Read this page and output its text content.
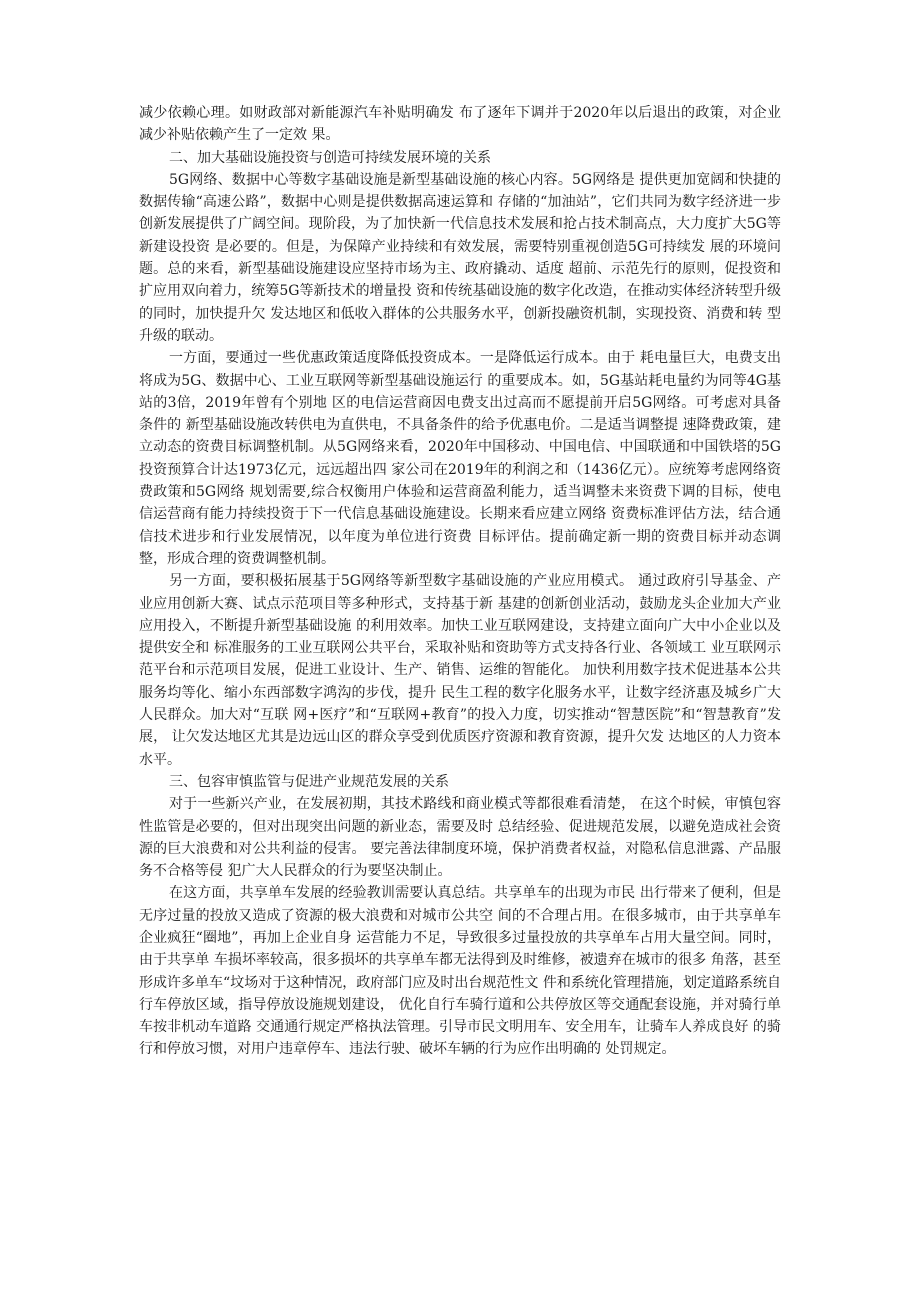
减少依赖心理。如财政部对新能源汽车补贴明确发 布了逐年下调并于2020年以后退出的政策，对企业减少补贴依赖产生了一定效 果。

二、加大基础设施投资与创造可持续发展环境的关系

5G网络、数据中心等数字基础设施是新型基础设施的核心内容。5G网络是 提供更加宽阔和快捷的数据传输“高速公路”，数据中心则是提供数据高速运算和 存储的“加油站”，它们共同为数字经济进一步创新发展提供了广阔空间。现阶段，为了加快新一代信息技术发展和抢占技术制高点，大力度扩大5G等新建设投资 是必要的。但是，为保障产业持续和有效发展，需要特别重视创造5G可持续发 展的环境问题。总的来看，新型基础设施建设应坚持市场为主、政府撬动、适度 超前、示范先行的原则，促投资和扩应用双向着力，统筹5G等新技术的增量投 资和传统基础设施的数字化改造，在推动实体经济转型升级的同时，加快提升欠 发达地区和低收入群体的公共服务水平，创新投融资机制，实现投资、消费和转 型升级的联动。

一方面，要通过一些优惠政策适度降低投资成本。一是降低运行成本。由于 耗电量巨大，电费支出将成为5G、数据中心、工业互联网等新型基础设施运行 的重要成本。如，5G基站耗电量约为同等4G基站的3倍，2019年曾有个别地 区的电信运营商因电费支出过高而不愿提前开启5G网络。可考虑对具备条件的 新型基础设施改转供电为直供电，不具备条件的给予优惠电价。二是适当调整提 速降费政策，建立动态的资费目标调整机制。从5G网络来看，2020年中国移动、中国电信、中国联通和中国铁塔的5G投资预算合计达1973亿元，远远超出四 家公司在2019年的利润之和（1436亿元）。应统筹考虑网络资费政策和5G网络 规划需要,综合权衡用户体验和运营商盈利能力，适当调整未来资费下调的目标，使电信运营商有能力持续投资于下一代信息基础设施建设。长期来看应建立网络 资费标准评估方法，结合通信技术进步和行业发展情况，以年度为单位进行资费 目标评估。提前确定新一期的资费目标并动态调整，形成合理的资费调整机制。

另一方面，要积极拓展基于5G网络等新型数字基础设施的产业应用模式。 通过政府引导基金、产业应用创新大赛、试点示范项目等多种形式，支持基于新 基建的创新创业活动，鼓励龙头企业加大产业应用投入，不断提升新型基础设施 的利用效率。加快工业互联网建设，支持建立面向广大中小企业以及提供安全和 标准服务的工业互联网公共平台，采取补贴和资助等方式支持各行业、各领域工 业互联网示范平台和示范项目发展，促进工业设计、生产、销售、运维的智能化。 加快利用数字技术促进基本公共服务均等化、缩小东西部数字鸿沟的步伐，提升 民生工程的数字化服务水平，让数字经济惠及城乡广大人民群众。加大对“互联 网+医疗”和“互联网+教育”的投入力度，切实推动“智慧医院”和“智慧教育”发展， 让欠发达地区尤其是边远山区的群众享受到优质医疗资源和教育资源，提升欠发 达地区的人力资本水平。

三、包容审慎监管与促进产业规范发展的关系

对于一些新兴产业，在发展初期，其技术路线和商业模式等都很难看清楚， 在这个时候，审慎包容性监管是必要的，但对出现突出问题的新业态，需要及时 总结经验、促进规范发展，以避免造成社会资源的巨大浪费和对公共利益的侵害。 要完善法律制度环境，保护消费者权益，对隐私信息泄露、产品服务不合格等侵 犯广大人民群众的行为要坚决制止。

在这方面，共享单车发展的经验教训需要认真总结。共享单车的出现为市民 出行带来了便利，但是无序过量的投放又造成了资源的极大浪费和对城市公共空 间的不合理占用。在很多城市，由于共享单车企业疯狂“圈地”，再加上企业自身 运营能力不足，导致很多过量投放的共享单车占用大量空间。同时，由于共享单 车损坏率较高，很多损坏的共享单车都无法得到及时维修，被遗弃在城市的很多 角落，甚至形成许多单车“坟场对于这种情况，政府部门应及时出台规范性文 件和系统化管理措施，划定道路系统自行车停放区域，指导停放设施规划建设， 优化自行车骑行道和公共停放区等交通配套设施，并对骑行单车按非机动车道路 交通通行规定严格执法管理。引导市民文明用车、安全用车，让骑车人养成良好 的骑行和停放习惯，对用户违章停车、违法行驶、破坏车辆的行为应作出明确的 处罚规定。
